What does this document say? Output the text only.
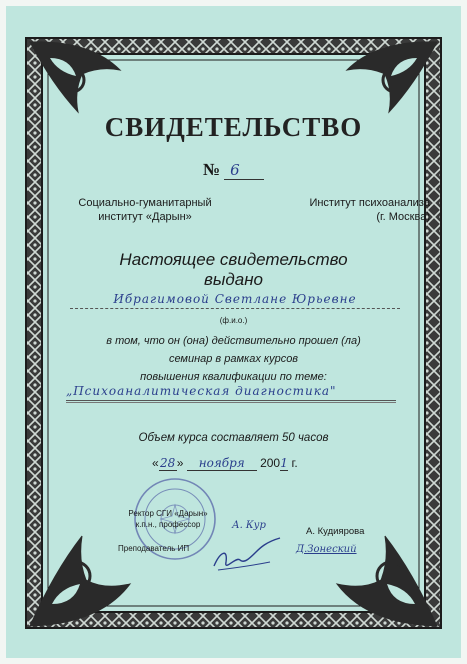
СВИДЕТЕЛЬСТВО
№ 6
Социально-гуманитарный
институт «Дарын»
Институт психоанализа
(г. Москва)
Настоящее свидетельство
выдано
Ибрагимовой Светлане Юрьевне
(ф.и.о.)
в том, что он (она) действительно прошел (ла)
семинар в рамках курсов
повышения квалификации по теме:
„Психоаналитическая диагностика"
Объем курса составляет 50 часов
«28» ноября 2001 г.
Ректор СГИ «Дарын»
к.п.н., профессор
Преподаватель ИП
А. Кур
А. Кудиярова
Д.Зонеский
